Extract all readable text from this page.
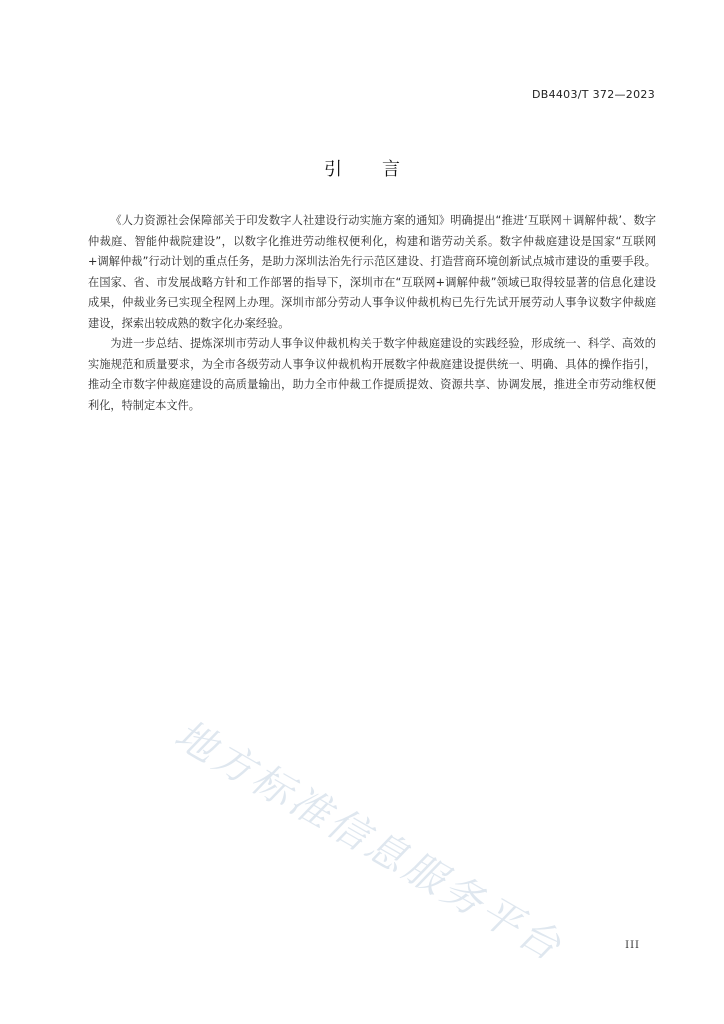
DB4403/T 372—2023
引言

《人力资源社会保障部关于印发数字人社建设行动实施方案的通知》明确提出“推进‘互联网＋调解仲裁’、数字仲裁庭、智能仲裁院建设”，以数字化推进劳动维权便利化，构建和谐劳动关系。数字仲裁庭建设是国家“互联网+调解仲裁”行动计划的重点任务，是助力深圳法治先行示范区建设、打造营商环境创新试点城市建设的重要手段。在国家、省、市发展战略方针和工作部署的指导下，深圳市在“互联网+调解仲裁”领域已取得较显著的信息化建设成果，仲裁业务已实现全程网上办理。深圳市部分劳动人事争议仲裁机构已先行先试开展劳动人事争议数字仲裁庭建设，探索出较成熟的数字化办案经验。

为进一步总结、提炼深圳市劳动人事争议仲裁机构关于数字仲裁庭建设的实践经验，形成统一、科学、高效的实施规范和质量要求，为全市各级劳动人事争议仲裁机构开展数字仲裁庭建设提供统一、明确、具体的操作指引，推动全市数字仲裁庭建设的高质量输出，助力全市仲裁工作提质提效、资源共享、协调发展，推进全市劳动维权便利化，特制定本文件。

地方标准信息服务平台	III
